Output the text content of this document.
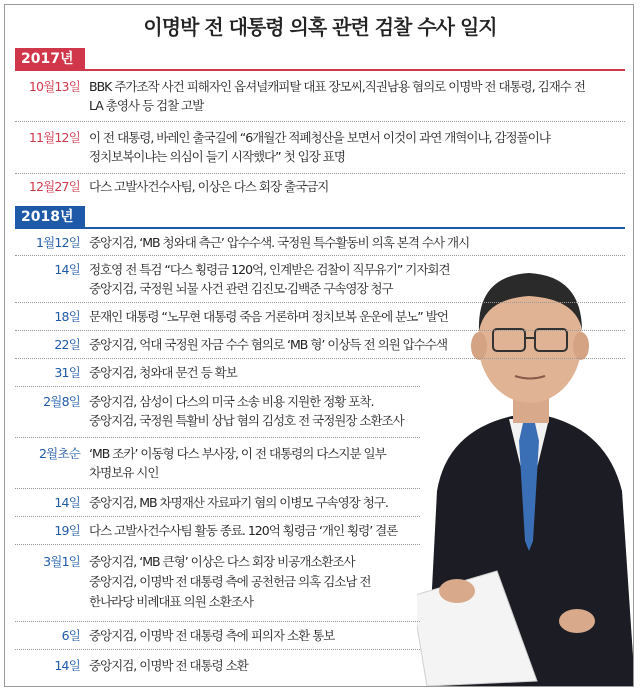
이명박 전 대통령 의혹 관련 검찰 수사 일지
2017년
10월13일 BBK 주가조작 사건 피해자인 옵셔널캐피탈 대표 장모씨,직권남용 혐의로 이명박 전 대통령, 김재수 전
LA 총영사 등 검찰 고발
11월12일 이 전 대통령, 바레인 출국길에 “6개월간 적폐청산을 보면서 이것이 과연 개혁이냐, 감정풀이냐
정치보복이냐는 의심이 들기 시작했다” 첫 입장 표명
12월27일 다스 고발사건수사팀, 이상은 다스 회장 출국금지
2018년
1월12일 중앙지검, ‘MB 청와대 측근’ 압수수색. 국정원 특수활동비 의혹 본격 수사 개시
14일 정호영 전 특검 “다스 횡령금 120억, 인계받은 검찰이 직무유기” 기자회견
중앙지검, 국정원 뇌물 사건 관련 김진모·김백준 구속영장 청구
18일 문재인 대통령 “노무현 대통령 죽음 거론하며 정치보복 운운에 분노” 발언
22일 중앙지검, 억대 국정원 자금 수수 혐의로 ‘MB 형’ 이상득 전 의원 압수수색
31일 중앙지검, 청와대 문건 등 확보
2월8일 중앙지검, 삼성이 다스의 미국 소송 비용 지원한 정황 포착.
중앙지검, 국정원 특활비 상납 혐의 김성호 전 국정원장 소환조사
2월초순 ‘MB 조카’ 이동형 다스 부사장, 이 전 대통령의 다스지분 일부
차명보유 시인
14일 중앙지검, MB 차명재산 자료파기 혐의 이병모 구속영장 청구.
19일 다스 고발사건수사팀 활동 종료. 120억 횡령금 ‘개인 횡령’ 결론
3월1일 중앙지검, ‘MB 큰형’ 이상은 다스 회장 비공개소환조사
중앙지검, 이명박 전 대통령 측에 공천헌금 의혹 김소남 전
한나라당 비례대표 의원 소환조사
6일 중앙지검, 이명박 전 대통령 측에 피의자 소환 통보
14일 중앙지검, 이명박 전 대통령 소환
